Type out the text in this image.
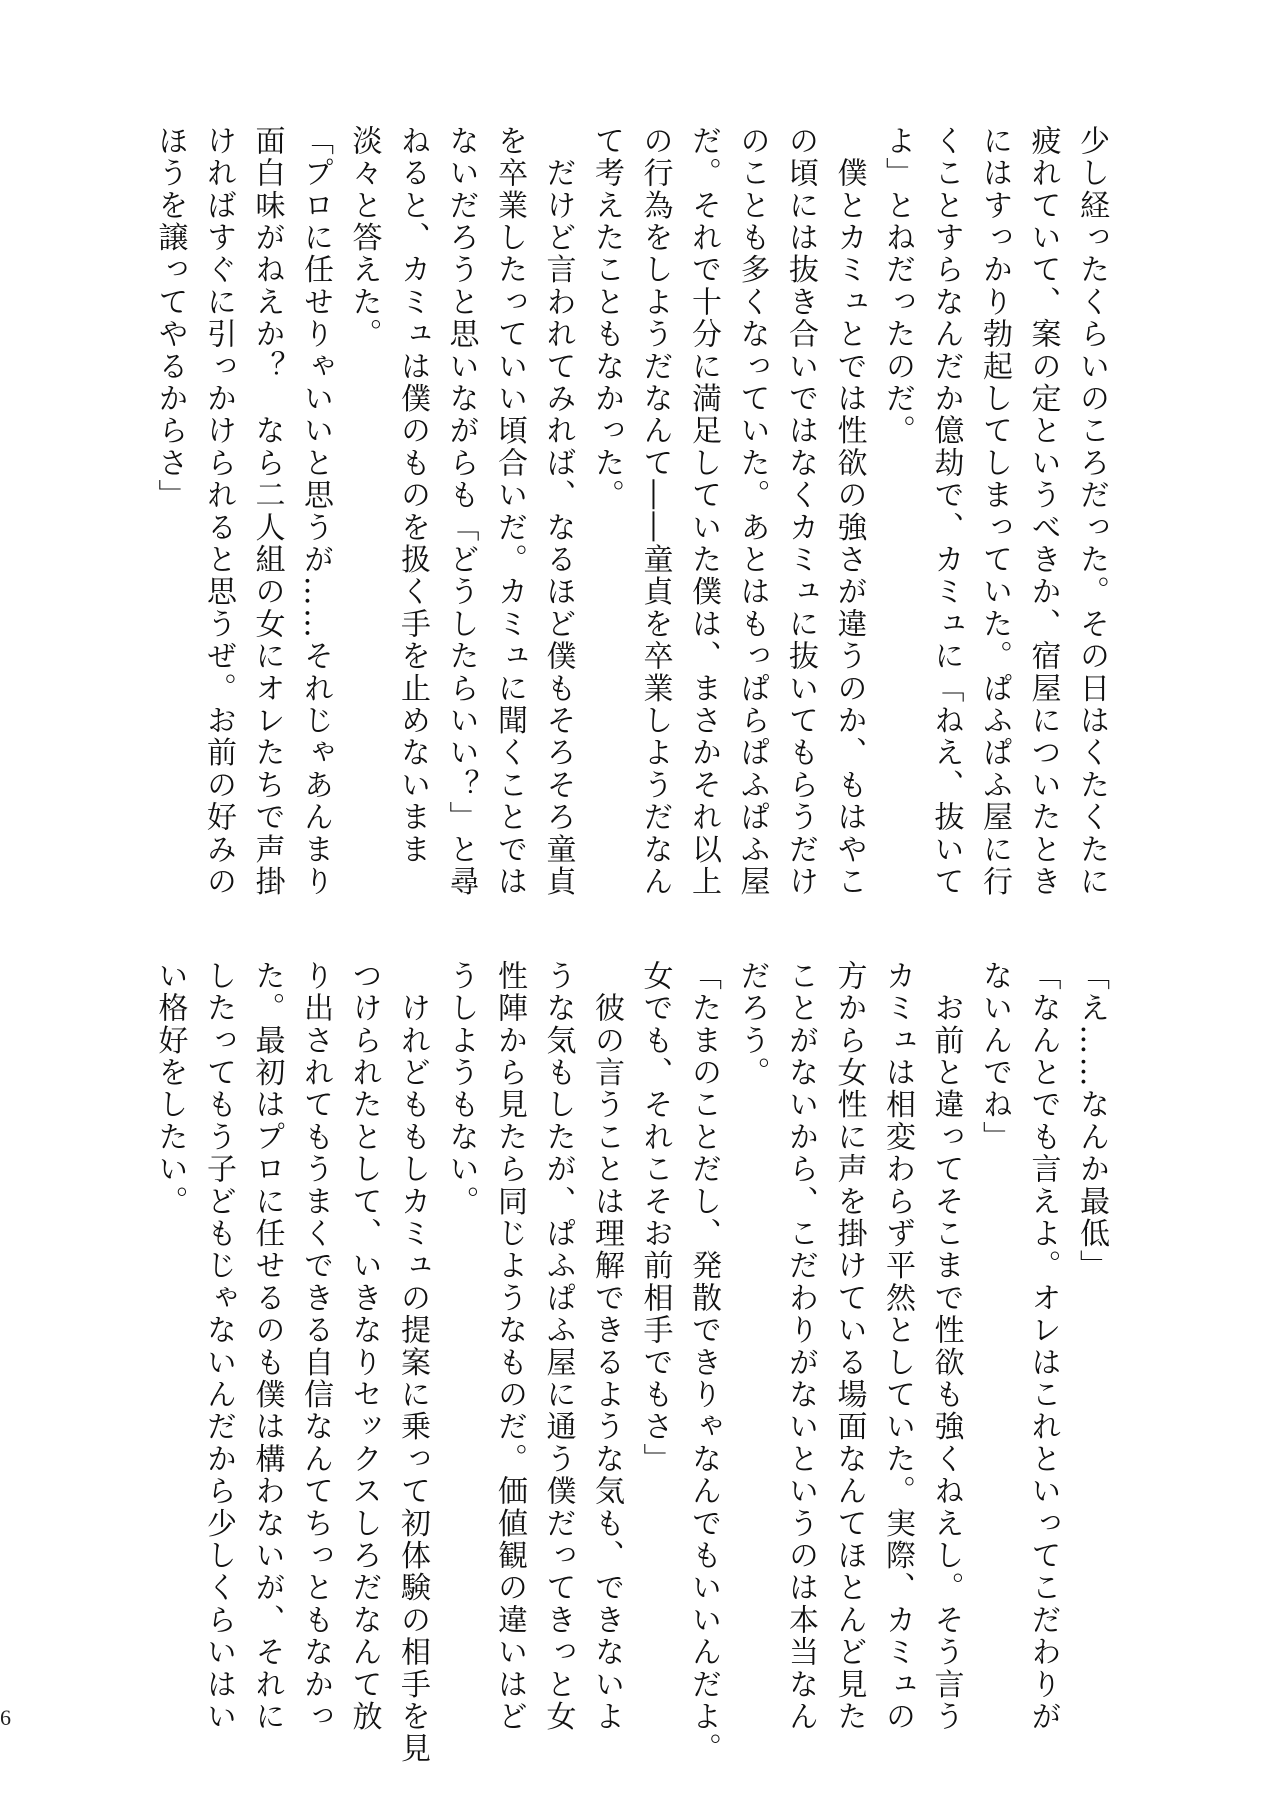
少し経ったくらいのころだった。その日はくたくたに
疲れていて、案の定というべきか、宿屋についたとき
にはすっかり勃起してしまっていた。ぱふぱふ屋に行
くことすらなんだか億劫で、カミュに「ねえ、抜いて
よ」とねだったのだ。
　僕とカミュとでは性欲の強さが違うのか、もはやこ
の頃には抜き合いではなくカミュに抜いてもらうだけ
のことも多くなっていた。あとはもっぱらぱふぱふ屋
だ。それで十分に満足していた僕は、まさかそれ以上
の行為をしようだなんて――童貞を卒業しようだなん
て考えたこともなかった。
　だけど言われてみれば、なるほど僕もそろそろ童貞
を卒業したっていい頃合いだ。カミュに聞くことでは
ないだろうと思いながらも「どうしたらいい？」と尋
ねると、カミュは僕のものを扱く手を止めないまま
淡々と答えた。
「プロに任せりゃいいと思うが……それじゃあんまり
面白味がねえか？　なら二人組の女にオレたちで声掛
ければすぐに引っかけられると思うぜ。お前の好みの
ほうを譲ってやるからさ」
「え……なんか最低」
「なんとでも言えよ。オレはこれといってこだわりが
ないんでね」
　お前と違ってそこまで性欲も強くねえし。そう言う
カミュは相変わらず平然としていた。実際、カミュの
方から女性に声を掛けている場面なんてほとんど見た
ことがないから、こだわりがないというのは本当なん
だろう。
「たまのことだし、発散できりゃなんでもいいんだよ。
女でも、それこそお前相手でもさ」
　彼の言うことは理解できるような気も、できないよ
うな気もしたが、ぱふぱふ屋に通う僕だってきっと女
性陣から見たら同じようなものだ。価値観の違いはど
うしようもない。
　けれどももしカミュの提案に乗って初体験の相手を見
つけられたとして、いきなりセックスしろだなんて放
り出されてもうまくできる自信なんてちっともなかっ
た。最初はプロに任せるのも僕は構わないが、それに
したってもう子どもじゃないんだから少しくらいはい
い格好をしたい。
6
